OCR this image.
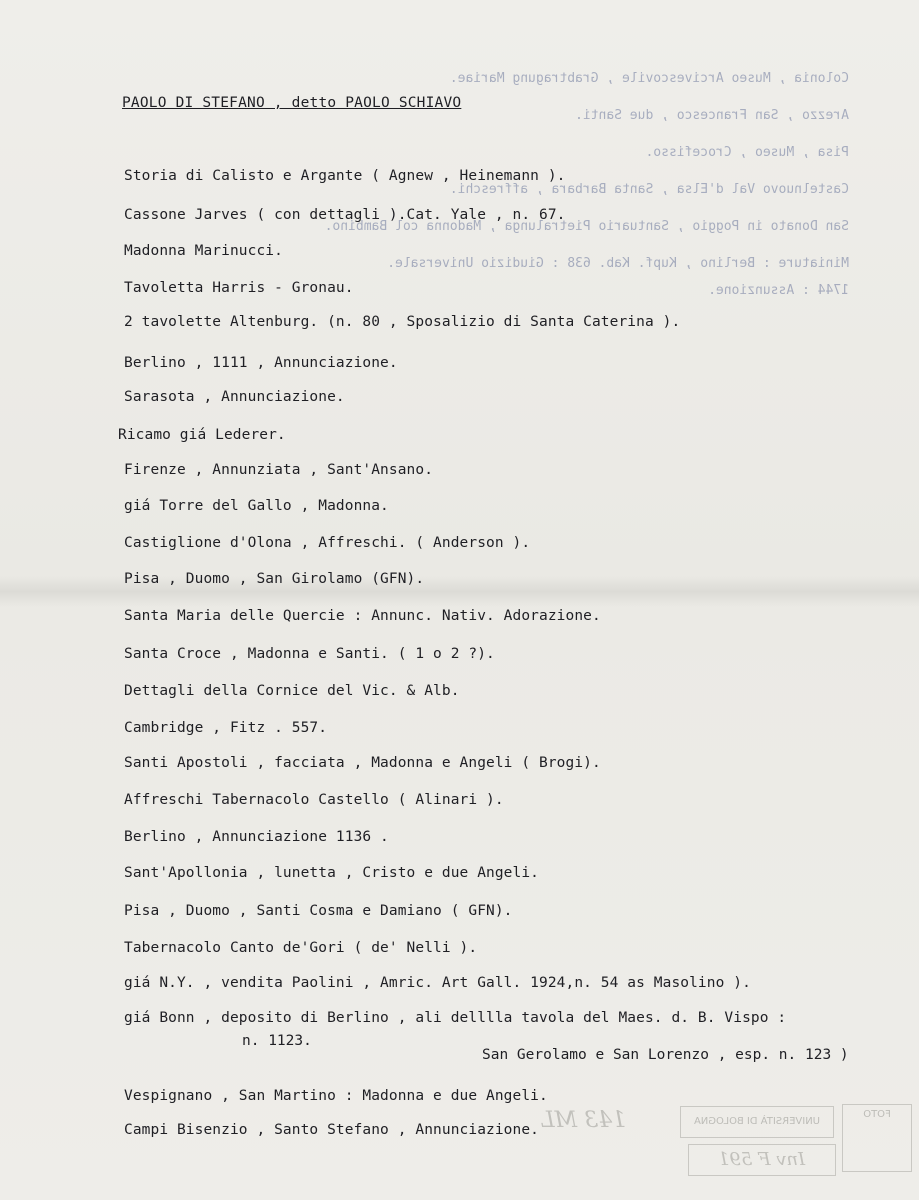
Colonia , Museo Arcivescovile , Grabtragung Mariae.
Arezzo , San Francesco , due Santi.
Pisa , Museo , Crocefisso.
Castelnuovo Val d'Elsa , Santa Barbara , affreschi.
San Donato in Poggio , Santuario Pietralunga , Madonna col Bambino.
Miniature : Berlino , Kupf. Kab. 638 : Giudizio Universale.
1744 : Assunzione.
PAOLO DI STEFANO , detto PAOLO SCHIAVO
Storia di Calisto e Argante ( Agnew , Heinemann ).
Cassone Jarves ( con dettagli ).Cat. Yale , n. 67.
Madonna Marinucci.
Tavoletta Harris - Gronau.
2 tavolette Altenburg. (n. 80 , Sposalizio di Santa Caterina ).
Berlino , 1111 , Annunciazione.
Sarasota , Annunciazione.
Ricamo giá Lederer.
Firenze , Annunziata , Sant'Ansano.
giá Torre del Gallo , Madonna.
Castiglione d'Olona , Affreschi. ( Anderson ).
Pisa , Duomo , San Girolamo (GFN).
Santa Maria delle Quercie : Annunc. Nativ. Adorazione.
Santa Croce , Madonna e Santi. ( 1 o 2 ?).
Dettagli della Cornice del Vic. & Alb.
Cambridge , Fitz . 557.
Santi Apostoli , facciata , Madonna e Angeli ( Brogi).
Affreschi Tabernacolo Castello ( Alinari ).
Berlino , Annunciazione 1136 .
Sant'Apollonia , lunetta , Cristo e due Angeli.
Pisa , Duomo , Santi Cosma e Damiano ( GFN).
Tabernacolo Canto de'Gori ( de' Nelli ).
giá N.Y. , vendita Paolini , Amric. Art Gall. 1924,n. 54 as Masolino ).
giá Bonn , deposito di Berlino , ali delllla tavola del Maes. d. B. Vispo :
n. 1123.
San Gerolamo e San Lorenzo , esp. n. 123 )
Vespignano , San Martino : Madonna e due Angeli.
Campi Bisenzio , Santo Stefano , Annunciazione. 143 ML	UNIVERSITÀ DI BOLOGNA
FOTO
Inv F 591
